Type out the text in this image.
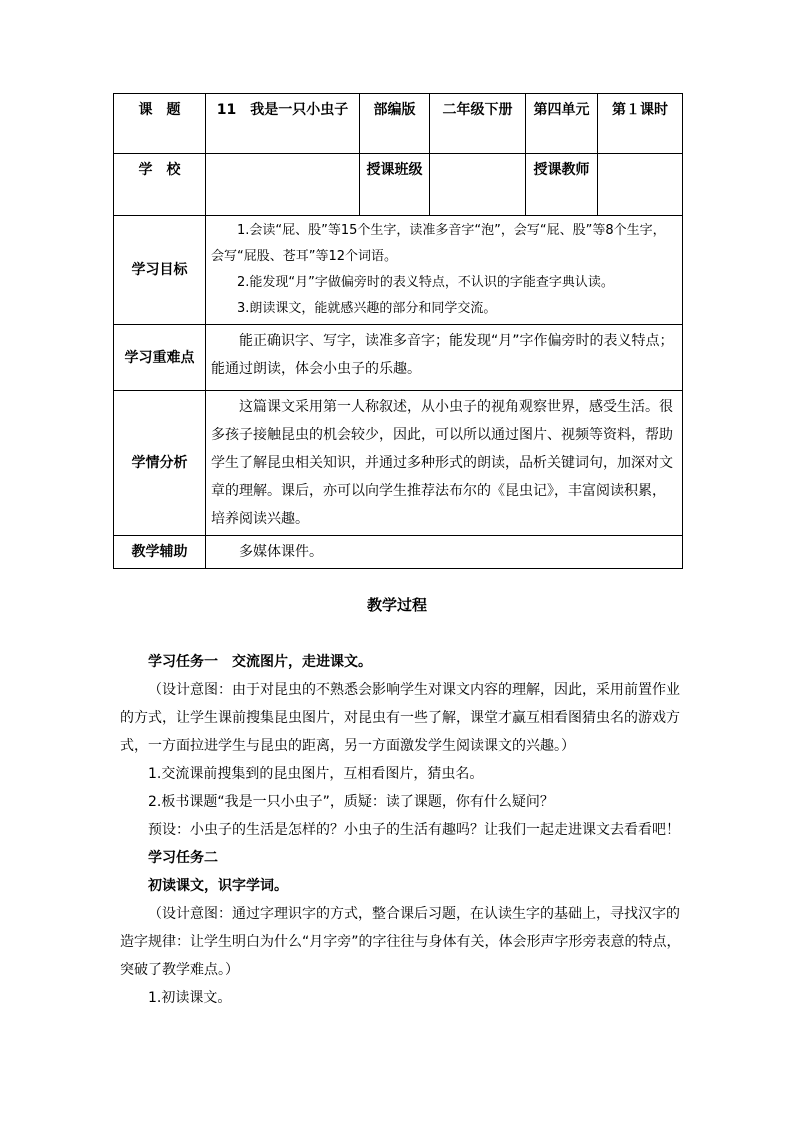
课　题	11　我是一只小虫子	部编版	二年级下册	第四单元	第１课时
学　校		授课班级		授课教师	
学习目标	1.会读“屁、股”等15个生字，读准多音字“泡”，会写“屁、股”等8个生字，会写“屁股、苍耳”等12个词语。

2.能发现“月”字做偏旁时的表义特点，不认识的字能查字典认读。

3.朗读课文，能就感兴趣的部分和同学交流。				

学习重难点	能正确识字、写字，读准多音字；能发现“月”字作偏旁时的表义特点；能通过朗读，体会小虫子的乐趣。				

学情分析	这篇课文采用第一人称叙述，从小虫子的视角观察世界，感受生活。很多孩子接触昆虫的机会较少，因此，可以所以通过图片、视频等资料，帮助学生了解昆虫相关知识，并通过多种形式的朗读，品析关键词句，加深对文章的理解。课后，亦可以向学生推荐法布尔的《昆虫记》，丰富阅读积累，培养阅读兴趣。				

教学辅助	多媒体课件。				

教学过程

学习任务一　交流图片，走进课文。

（设计意图：由于对昆虫的不熟悉会影响学生对课文内容的理解，因此，采用前置作业的方式，让学生课前搜集昆虫图片，对昆虫有一些了解，课堂才赢互相看图猜虫名的游戏方式，一方面拉进学生与昆虫的距离，另一方面激发学生阅读课文的兴趣。）

1.交流课前搜集到的昆虫图片，互相看图片，猜虫名。

2.板书课题“我是一只小虫子”，质疑：读了课题，你有什么疑问？

预设：小虫子的生活是怎样的？小虫子的生活有趣吗？让我们一起走进课文去看看吧！

学习任务二

初读课文，识字学词。

（设计意图：通过字理识字的方式，整合课后习题，在认读生字的基础上，寻找汉字的造字规律：让学生明白为什么“月字旁”的字往往与身体有关，体会形声字形旁表意的特点，突破了教学难点。）

1.初读课文。
